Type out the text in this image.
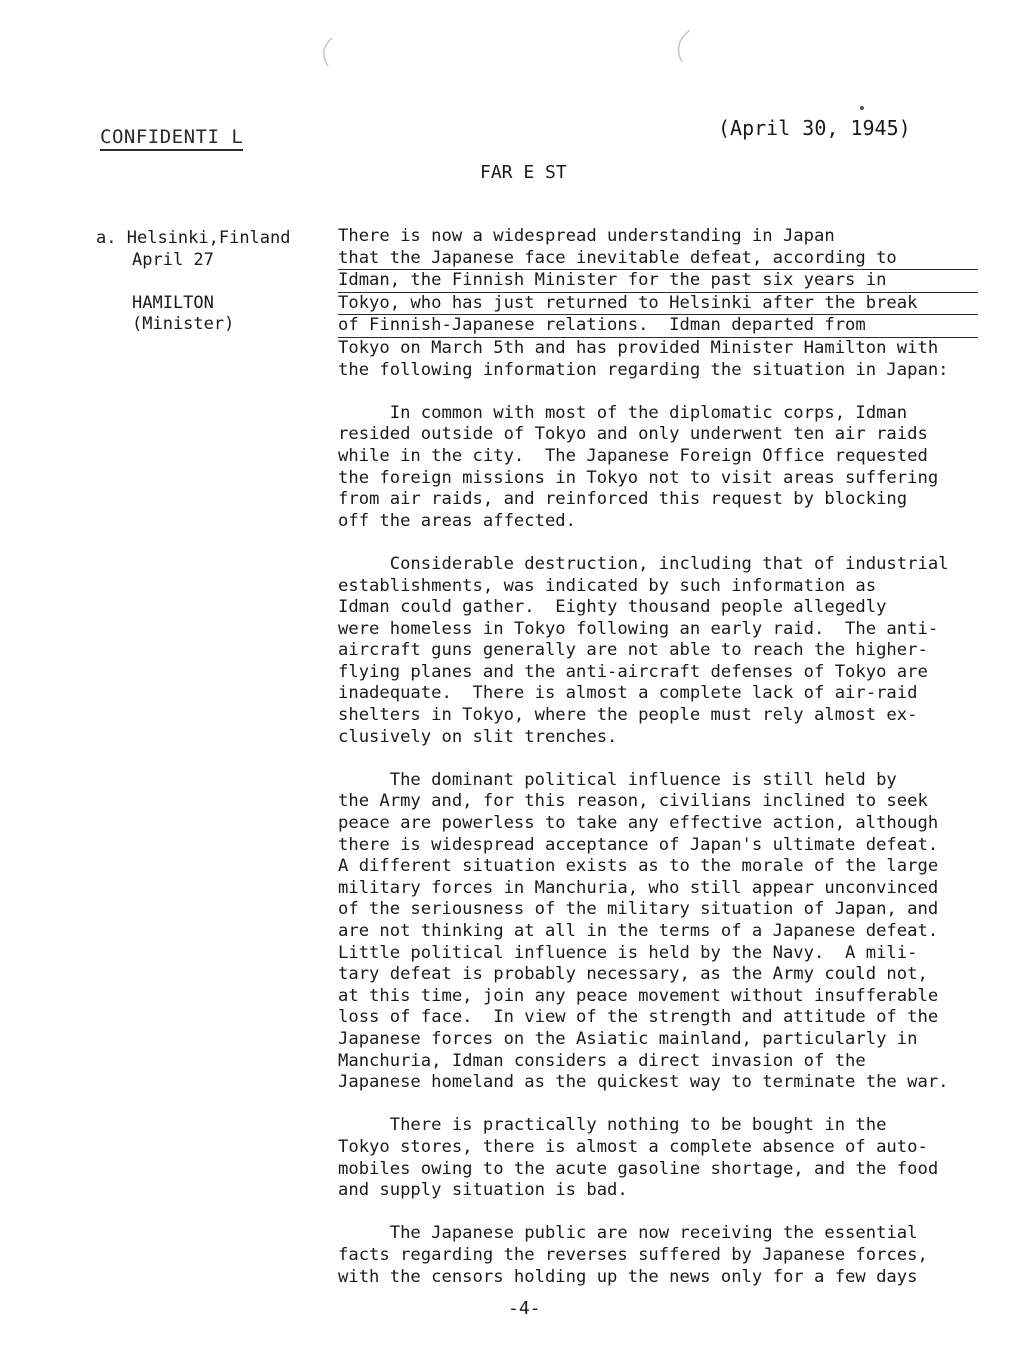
CONFIDENTI L	(April 30, 1945)
FAR E ST
a. Helsinki,Finland
April 27
HAMILTON
(Minister)
There is now a widespread understanding in Japan
that the Japanese face inevitable defeat, according to
Idman, the Finnish Minister for the past six years in
Tokyo, who has just returned to Helsinki after the break
of Finnish-Japanese relations.  Idman departed from
Tokyo on March 5th and has provided Minister Hamilton with
the following information regarding the situation in Japan:
In common with most of the diplomatic corps, Idman
resided outside of Tokyo and only underwent ten air raids
while in the city.  The Japanese Foreign Office requested
the foreign missions in Tokyo not to visit areas suffering
from air raids, and reinforced this request by blocking
off the areas affected.
Considerable destruction, including that of industrial
establishments, was indicated by such information as
Idman could gather.  Eighty thousand people allegedly
were homeless in Tokyo following an early raid.  The anti-
aircraft guns generally are not able to reach the higher-
flying planes and the anti-aircraft defenses of Tokyo are
inadequate.  There is almost a complete lack of air-raid
shelters in Tokyo, where the people must rely almost ex-
clusively on slit trenches.
The dominant political influence is still held by
the Army and, for this reason, civilians inclined to seek
peace are powerless to take any effective action, although
there is widespread acceptance of Japan's ultimate defeat.
A different situation exists as to the morale of the large
military forces in Manchuria, who still appear unconvinced
of the seriousness of the military situation of Japan, and
are not thinking at all in the terms of a Japanese defeat.
Little political influence is held by the Navy.  A mili-
tary defeat is probably necessary, as the Army could not,
at this time, join any peace movement without insufferable
loss of face.  In view of the strength and attitude of the
Japanese forces on the Asiatic mainland, particularly in
Manchuria, Idman considers a direct invasion of the
Japanese homeland as the quickest way to terminate the war.
There is practically nothing to be bought in the
Tokyo stores, there is almost a complete absence of auto-
mobiles owing to the acute gasoline shortage, and the food
and supply situation is bad.
The Japanese public are now receiving the essential
facts regarding the reverses suffered by Japanese forces,
with the censors holding up the news only for a few days
-4-
